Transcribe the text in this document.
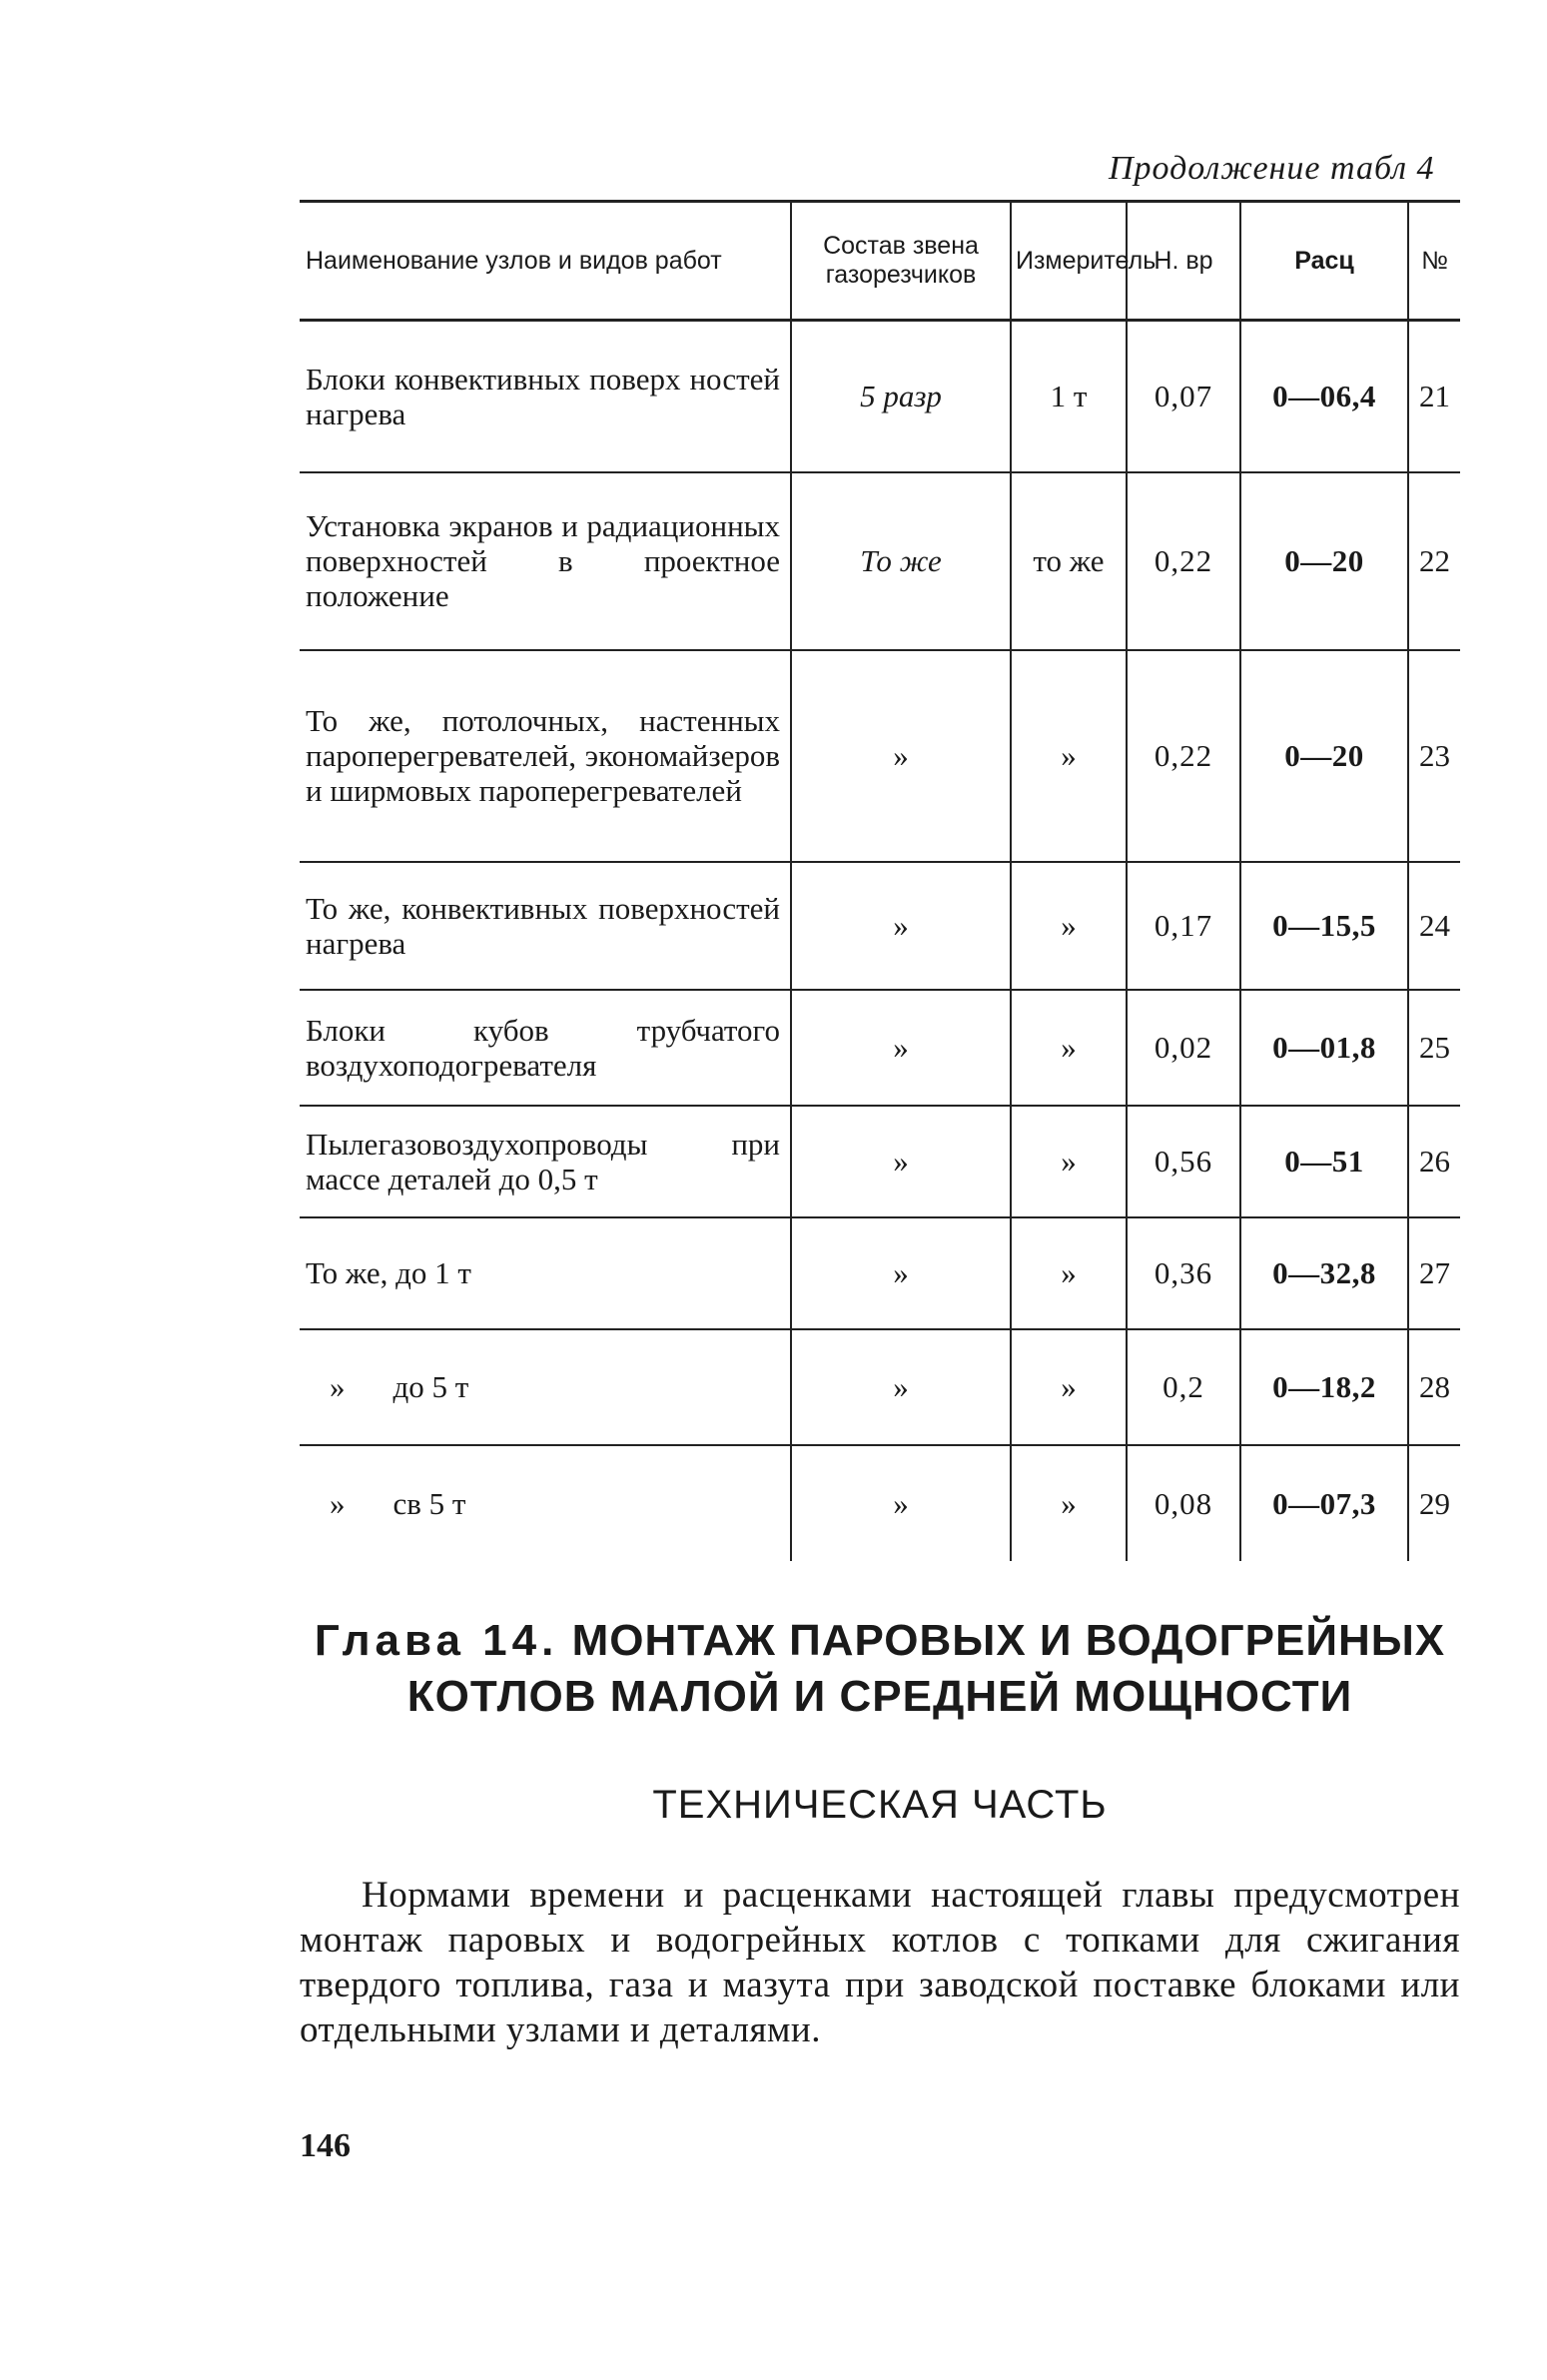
Продолжение табл 4
Наименование узлов и видов работ	Состав звена газорезчиков	Измеритель	Н. вр	Расц	№
Блоки конвективных поверх ностей нагрева	5 разр	1 т	0,07	0—06,4	21
Установка экранов и радиационных поверхностей в проектное положение	То же	то же	0,22	0—20	22
То же, потолочных, настенных пароперегревателей, экономайзеров и ширмовых пароперегревателей	»	»	0,22	0—20	23
То же, конвективных поверхностей нагрева	»	»	0,17	0—15,5	24
Блоки кубов трубчатого воздухоподогревателя	»	»	0,02	0—01,8	25
Пылегазовоздухопроводы при массе деталей до 0,5 т	»	»	0,56	0—51	26
То же, до 1 т	»	»	0,36	0—32,8	27
» до 5 т	»	»	0,2	0—18,2	28
» св 5 т	»	»	0,08	0—07,3	29
Глава 14. МОНТАЖ ПАРОВЫХ И ВОДОГРЕЙНЫХ
КОТЛОВ МАЛОЙ И СРЕДНЕЙ МОЩНОСТИ
ТЕХНИЧЕСКАЯ ЧАСТЬ
Нормами времени и расценками настоящей главы предусмотрен монтаж паровых и водогрейных котлов с топками для сжигания твердого топлива, газа и мазута при заводской поставке блоками или отдельными узлами и деталями.
146
